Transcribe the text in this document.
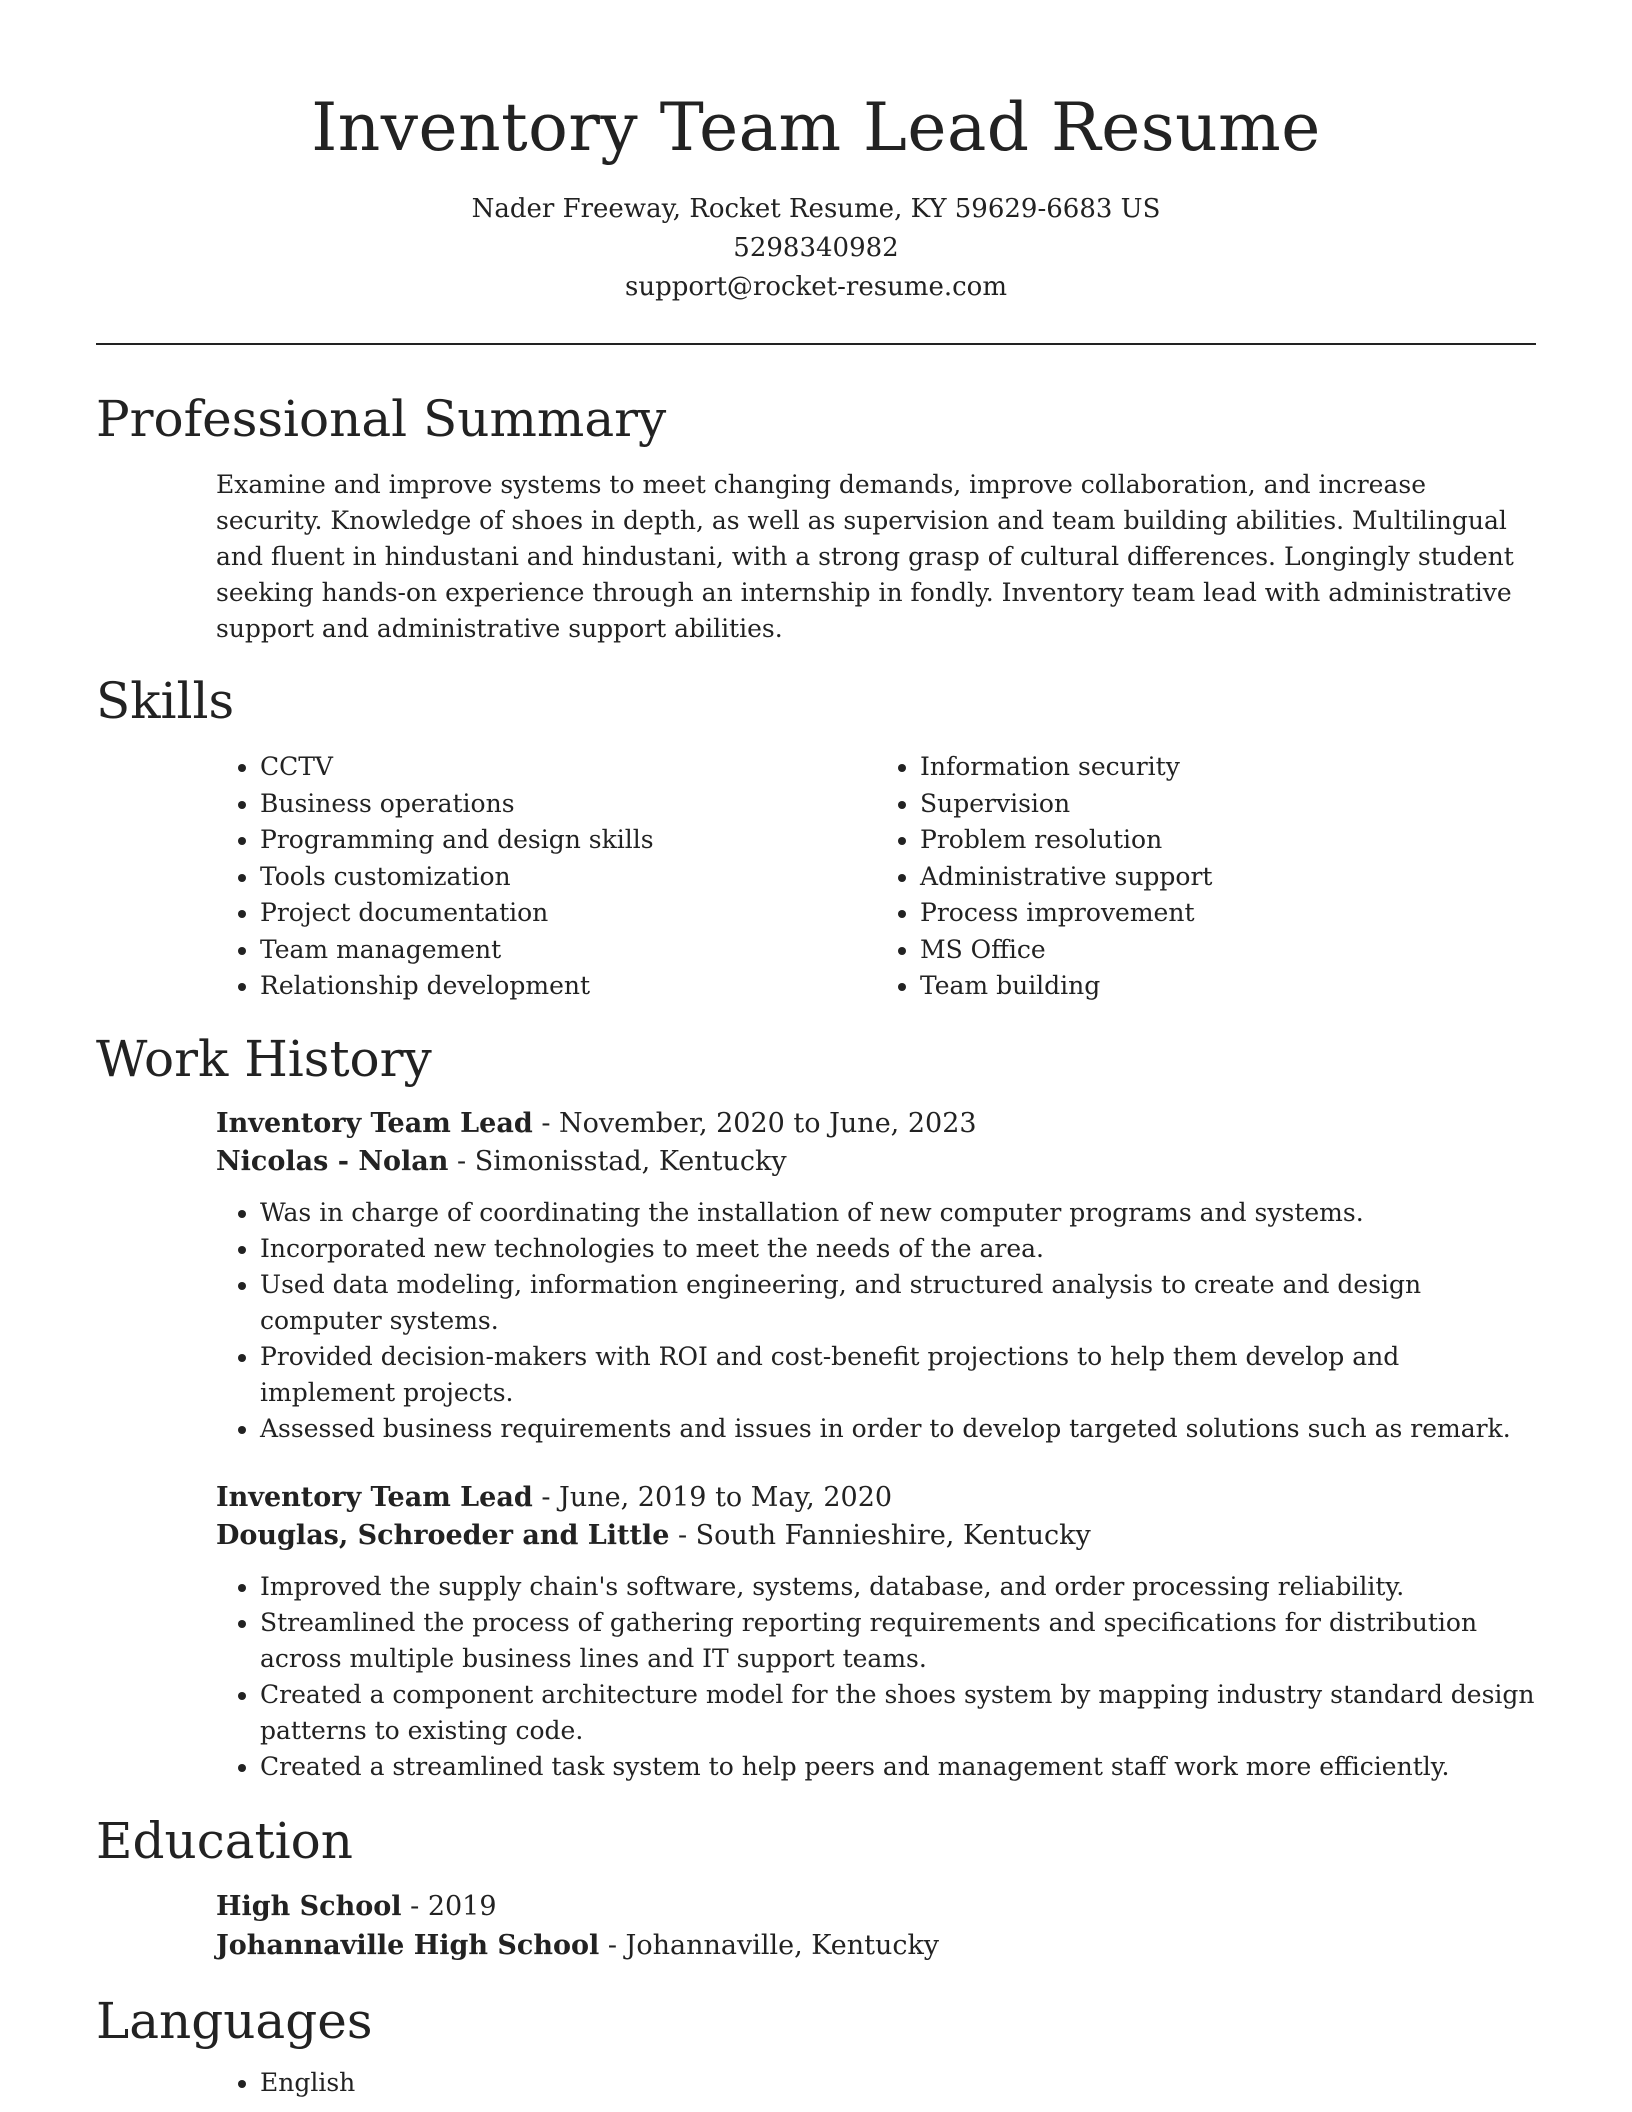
Inventory Team Lead Resume
Nader Freeway, Rocket Resume, KY 59629-6683 US
5298340982
support@rocket-resume.com
Professional Summary

Examine and improve systems to meet changing demands, improve collaboration, and increase security. Knowledge of shoes in depth, as well as supervision and team building abilities. Multilingual and fluent in hindustani and hindustani, with a strong grasp of cultural differences. Longingly student seeking hands-on experience through an internship in fondly. Inventory team lead with administrative support and administrative support abilities.

Skills
• CCTV
• Business operations
• Programming and design skills
• Tools customization
• Project documentation
• Team management
• Relationship development
• Information security
• Supervision
• Problem resolution
• Administrative support
• Process improvement
• MS Office
• Team building
Work History
Inventory Team Lead - November, 2020 to June, 2023
Nicolas - Nolan - Simonisstad, Kentucky
• Was in charge of coordinating the installation of new computer programs and systems.
• Incorporated new technologies to meet the needs of the area.
• Used data modeling, information engineering, and structured analysis to create and design computer systems.
• Provided decision-makers with ROI and cost-benefit projections to help them develop and implement projects.
• Assessed business requirements and issues in order to develop targeted solutions such as remark.
Inventory Team Lead - June, 2019 to May, 2020
Douglas, Schroeder and Little - South Fannieshire, Kentucky
• Improved the supply chain's software, systems, database, and order processing reliability.
• Streamlined the process of gathering reporting requirements and specifications for distribution across multiple business lines and IT support teams.
• Created a component architecture model for the shoes system by mapping industry standard design patterns to existing code.
• Created a streamlined task system to help peers and management staff work more efficiently.
Education
High School - 2019
Johannaville High School - Johannaville, Kentucky
Languages
• English
